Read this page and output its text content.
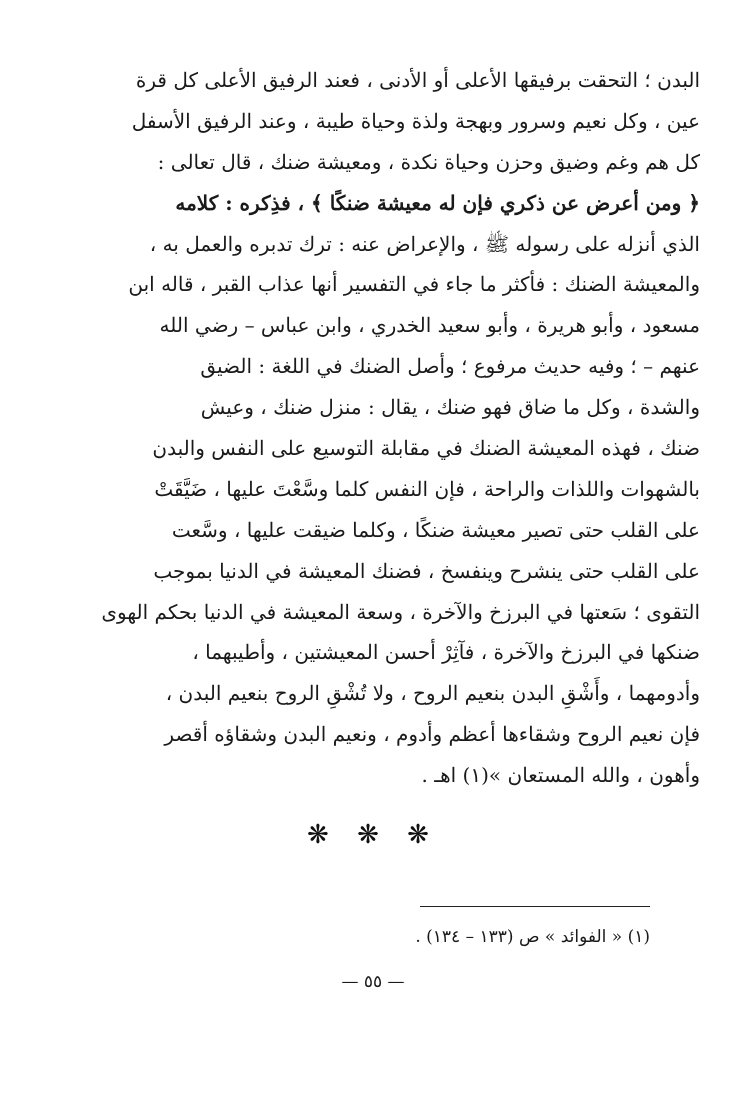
البدن ؛ التحقت برفيقها الأعلى أو الأدنى ، فعند الرفيق الأعلى كل قرة
عين ، وكل نعيم وسرور وبهجة ولذة وحياة طيبة ، وعند الرفيق الأسفل
كل هم وغم وضيق وحزن وحياة نكدة ، ومعيشة ضنك ، قال تعالى :
﴿ ومن أعرض عن ذكري فإن له معيشة ضنكًا ﴾ ، فذِكره : كلامه
الذي أنزله على رسوله ﷺ ، والإعراض عنه : ترك تدبره والعمل به ،
والمعيشة الضنك : فأكثر ما جاء في التفسير أنها عذاب القبر ، قاله ابن
مسعود ، وأبو هريرة ، وأبو سعيد الخدري ، وابن عباس – رضي الله
عنهم – ؛ وفيه حديث مرفوع ؛ وأصل الضنك في اللغة : الضيق
والشدة ، وكل ما ضاق فهو ضنك ، يقال : منزل ضنك ، وعيش
ضنك ، فهذه المعيشة الضنك في مقابلة التوسيع على النفس والبدن
بالشهوات واللذات والراحة ، فإن النفس كلما وسَّعْتَ عليها ، ضَيَّقَتْ
على القلب حتى تصير معيشة ضنكًا ، وكلما ضيقت عليها ، وسَّعت
على القلب حتى ينشرح وينفسخ ، فضنك المعيشة في الدنيا بموجب
التقوى ؛ سَعتها في البرزخ والآخرة ، وسعة المعيشة في الدنيا بحكم الهوى
ضنكها في البرزخ والآخرة ، فآثِرْ أحسن المعيشتين ، وأطيبهما ،
وأدومهما ، وأَشْقِ البدن بنعيم الروح ، ولا تُشْقِ الروح بنعيم البدن ،
فإن نعيم الروح وشقاءها أعظم وأدوم ، ونعيم البدن وشقاؤه أقصر
وأهون ، والله المستعان »(١) اهـ .
❋ ❋ ❋
(١) « الفوائد » ص (١٣٣ – ١٣٤) .
— ٥٥ —
